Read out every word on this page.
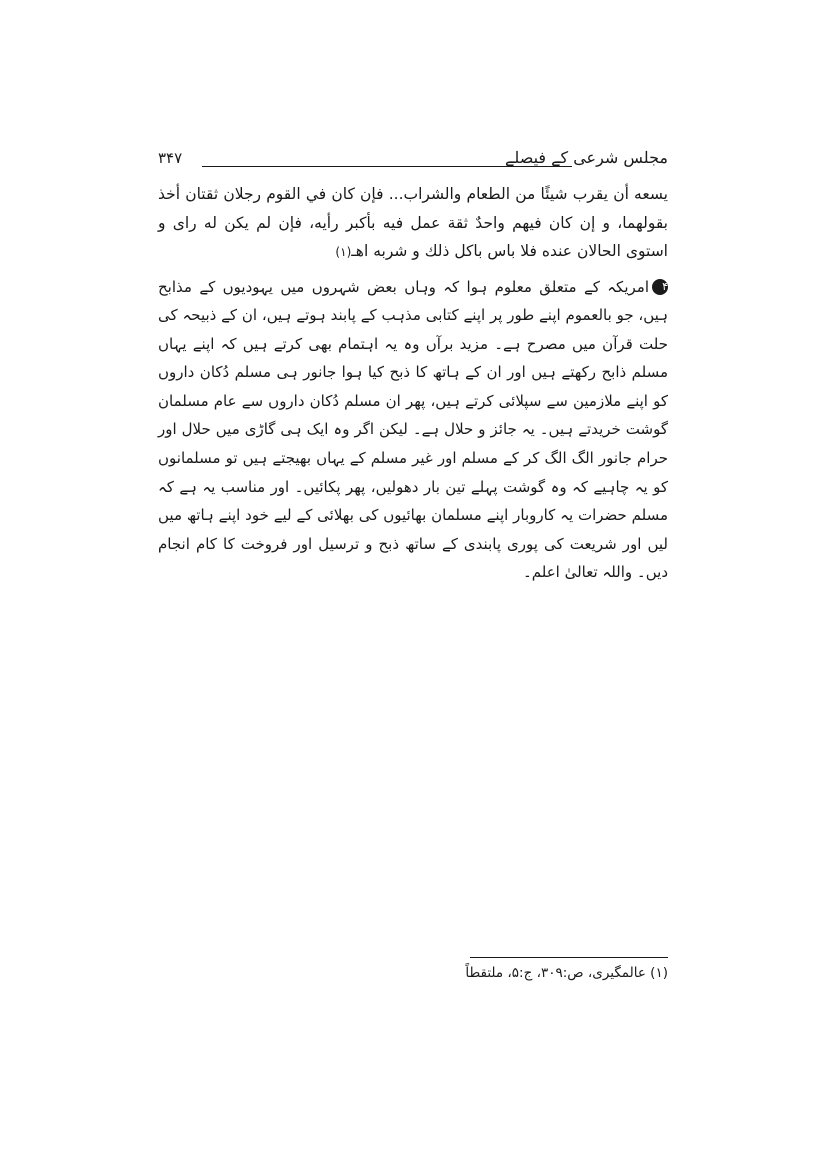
مجلس شرعی کے فیصلے
۳۴۷

يسعه أن يقرب شيئًا من الطعام والشراب... فإن كان في القوم رجلان ثقتان أخذ بقولهما، و إن كان فيهم واحدٌ ثقة عمل فيه بأكبر رأيه، فإن لم يكن له راى و استوى الحالان عنده فلا باس باكل ذلك و شربه اهـ(۱)

۴امریکہ کے متعلق معلوم ہوا کہ وہاں بعض شہروں میں یہودیوں کے مذابح ہیں، جو بالعموم اپنے طور پر اپنے کتابی مذہب کے پابند ہوتے ہیں، ان کے ذبیحہ کی حلت قرآن میں مصرح ہے۔ مزید برآں وہ یہ اہتمام بھی کرتے ہیں کہ اپنے یہاں مسلم ذابح رکھتے ہیں اور ان کے ہاتھ کا ذبح کیا ہوا جانور ہی مسلم دُکان داروں کو اپنے ملازمین سے سپلائی کرتے ہیں، پھر ان مسلم دُکان داروں سے عام مسلمان گوشت خریدتے ہیں۔ یہ جائز و حلال ہے۔ لیکن اگر وہ ایک ہی گاڑی میں حلال اور حرام جانور الگ الگ کر کے مسلم اور غیر مسلم کے یہاں بھیجتے ہیں تو مسلمانوں کو یہ چاہیے کہ وہ گوشت پہلے تین بار دھولیں، پھر پکائیں۔ اور مناسب یہ ہے کہ مسلم حضرات یہ کاروبار اپنے مسلمان بھائیوں کی بھلائی کے لیے خود اپنے ہاتھ میں لیں اور شریعت کی پوری پابندی کے ساتھ ذبح و ترسیل اور فروخت کا کام انجام دیں۔ واللہ تعالیٰ اعلم۔

(۱) عالمگیری، ص:۳۰۹، ج:۵، ملتقطاً
